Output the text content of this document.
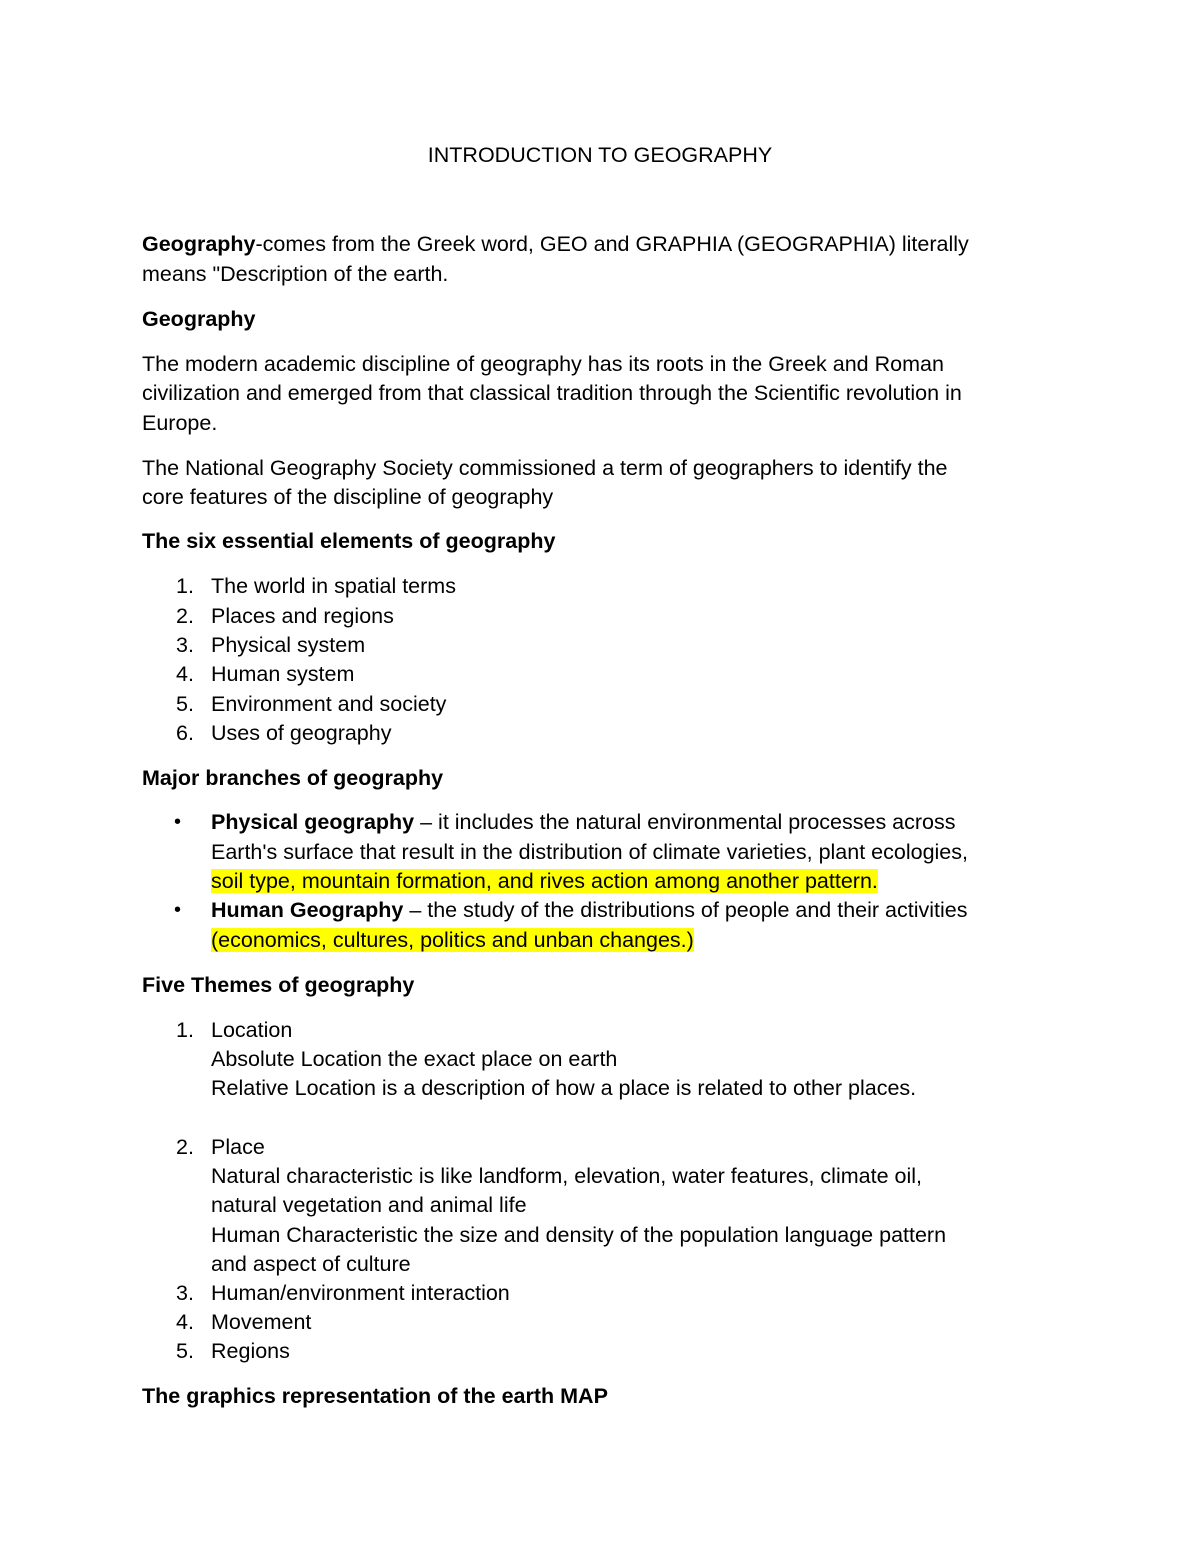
INTRODUCTION TO GEOGRAPHY
Geography-comes from the Greek word, GEO and GRAPHIA (GEOGRAPHIA) literally
means "Description of the earth.
Geography
The modern academic discipline of geography has its roots in the Greek and Roman
civilization and emerged from that classical tradition through the Scientific revolution in
Europe.
The National Geography Society commissioned a term of geographers to identify the
core features of the discipline of geography
The six essential elements of geography
1. The world in spatial terms
2. Places and regions
3. Physical system
4. Human system
5. Environment and society
6. Uses of geography
Major branches of geography
• Physical geography – it includes the natural environmental processes across
Earth's surface that result in the distribution of climate varieties, plant ecologies,
soil type, mountain formation, and rives action among another pattern.
• Human Geography – the study of the distributions of people and their activities
(economics, cultures, politics and unban changes.)
Five Themes of geography
1. Location
Absolute Location the exact place on earth
Relative Location is a description of how a place is related to other places.
2. Place
Natural characteristic is like landform, elevation, water features, climate oil,
natural vegetation and animal life
Human Characteristic the size and density of the population language pattern
and aspect of culture
3. Human/environment interaction
4. Movement
5. Regions
The graphics representation of the earth MAP
